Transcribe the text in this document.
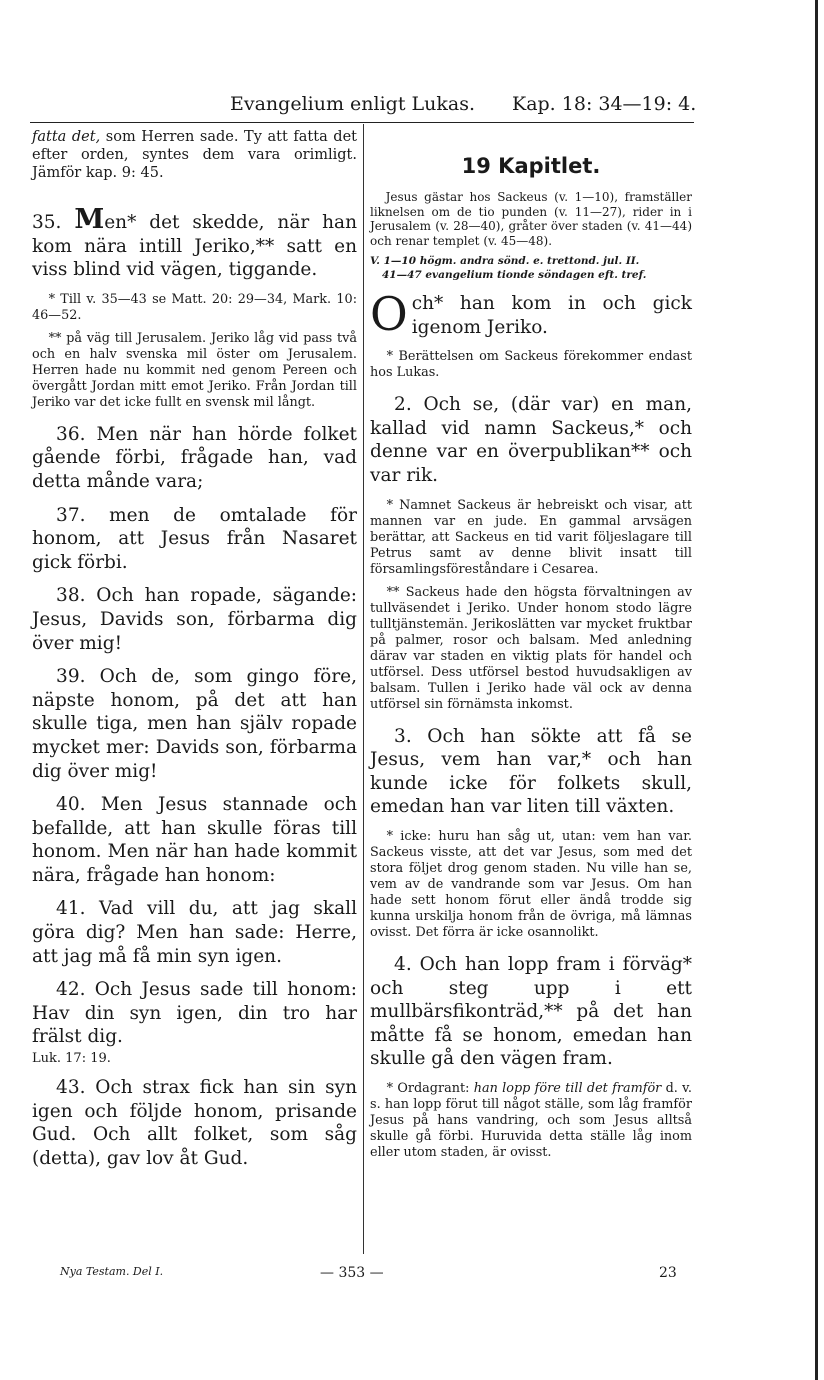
Evangelium enligt Lukas. Kap. 18: 34—19: 4.

fatta det, som Herren sade. Ty att fatta det efter orden, syntes dem vara orimligt. Jämför kap. 9: 45.

35. Men* det skedde, när han kom nära intill Jeriko,** satt en viss blind vid vägen, tiggande.

* Till v. 35—43 se Matt. 20: 29—34, Mark. 10: 46—52.

** på väg till Jerusalem. Jeriko låg vid pass två och en halv svenska mil öster om Jerusalem. Herren hade nu kommit ned genom Pereen och övergått Jordan mitt emot Jeriko. Från Jordan till Jeriko var det icke fullt en svensk mil långt.

36. Men när han hörde folket gående förbi, frågade han, vad detta månde vara;

37. men de omtalade för honom, att Jesus från Nasaret gick förbi.

38. Och han ropade, sägande: Jesus, Davids son, förbarma dig över mig!

39. Och de, som gingo före, näpste honom, på det att han skulle tiga, men han själv ropade mycket mer: Davids son, förbarma dig över mig!

40. Men Jesus stannade och befallde, att han skulle föras till honom. Men när han hade kommit nära, frågade han honom:

41. Vad vill du, att jag skall göra dig? Men han sade: Herre, att jag må få min syn igen.

42. Och Jesus sade till honom: Hav din syn igen, din tro har frälst dig.

Luk. 17: 19.

43. Och strax fick han sin syn igen och följde honom, prisande Gud. Och allt folket, som såg (detta), gav lov åt Gud.

19 Kapitlet.

Jesus gästar hos Sackeus (v. 1—10), framställer liknelsen om de tio punden (v. 11—27), rider in i Jerusalem (v. 28—40), gråter över staden (v. 41—44) och renar templet (v. 45—48).

V. 1—10 högm. andra sönd. e. trettond. jul. II.
41—47 evangelium tionde söndagen eft. tref.

Och* han kom in och gick igenom Jeriko.

* Berättelsen om Sackeus förekommer endast hos Lukas.

2. Och se, (där var) en man, kallad vid namn Sackeus,* och denne var en överpublikan** och var rik.

* Namnet Sackeus är hebreiskt och visar, att mannen var en jude. En gammal arvsägen berättar, att Sackeus en tid varit följeslagare till Petrus samt av denne blivit insatt till församlingsföreståndare i Cesarea.

** Sackeus hade den högsta förvaltningen av tullväsendet i Jeriko. Under honom stodo lägre tulltjänstemän. Jerikoslätten var mycket fruktbar på palmer, rosor och balsam. Med anledning därav var staden en viktig plats för handel och utförsel. Dess utförsel bestod huvudsakligen av balsam. Tullen i Jeriko hade väl ock av denna utförsel sin förnämsta inkomst.

3. Och han sökte att få se Jesus, vem han var,* och han kunde icke för folkets skull, emedan han var liten till växten.

* icke: huru han såg ut, utan: vem han var. Sackeus visste, att det var Jesus, som med det stora följet drog genom staden. Nu ville han se, vem av de vandrande som var Jesus. Om han hade sett honom förut eller ändå trodde sig kunna urskilja honom från de övriga, må lämnas ovisst. Det förra är icke osannolikt.

4. Och han lopp fram i förväg* och steg upp i ett mullbärsfikonträd,** på det han måtte få se honom, emedan han skulle gå den vägen fram.

* Ordagrant: han lopp före till det framför d. v. s. han lopp förut till något ställe, som låg framför Jesus på hans vandring, och som Jesus alltså skulle gå förbi. Huruvida detta ställe låg inom eller utom staden, är ovisst.

Nya Testam. Del I.	— 353 —	23
